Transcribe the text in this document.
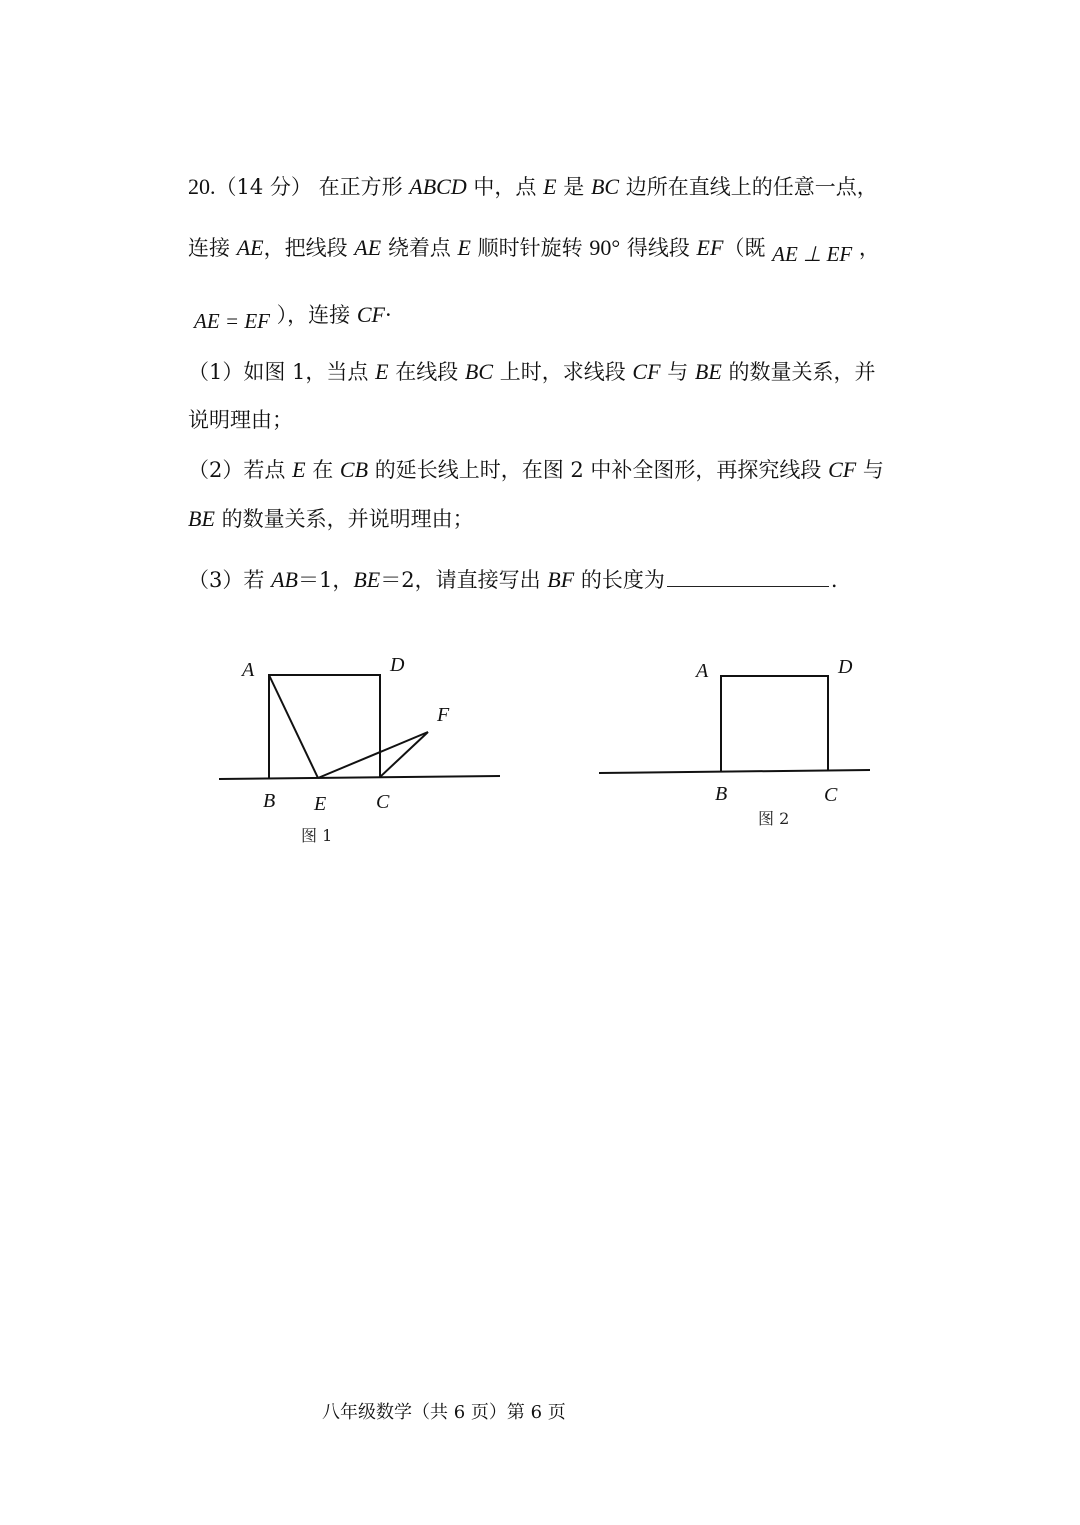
20.（14 分） 在正方形 ABCD 中，点 E 是 BC 边所在直线上的任意一点，
连接 AE，把线段 AE 绕着点 E 顺时针旋转 90° 得线段 EF（既 AE ⊥ EF ，
AE = EF ），连接 CF·
（1）如图 1，当点 E 在线段 BC 上时，求线段 CF 与 BE 的数量关系，并
说明理由；
（2）若点 E 在 CB 的延长线上时，在图 2 中补全图形，再探究线段 CF 与
BE 的数量关系，并说明理由；
（3）若 AB＝1，BE＝2，请直接写出 BF 的长度为	.
A	D
F
B E C
图 1
A	D
B	C
图 2
八年级数学（共 6 页）第 6 页
